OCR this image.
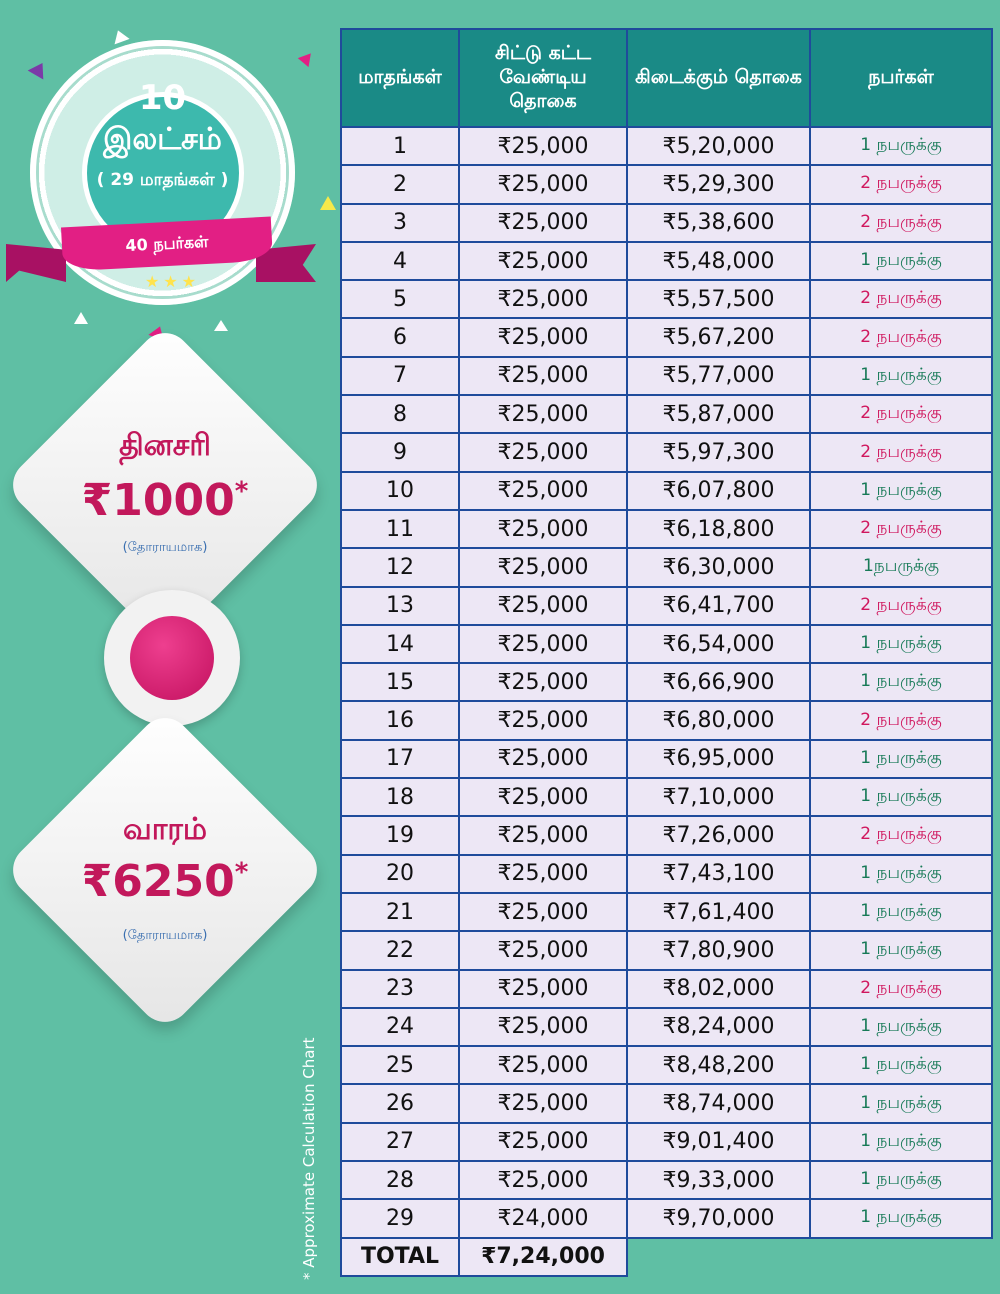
10
இலட்சம்
( 29 மாதங்கள் )
40 நபர்கள்
★★★
தினசரி
₹1000*
(தோராயமாக)
வாரம்
₹6250*
(தோராயமாக)
* Approximate Calculation Chart
மாதங்கள்	சிட்டு கட்ட வேண்டிய தொகை	கிடைக்கும் தொகை	நபர்கள்
1	₹25,000	₹5,20,000	1 நபருக்கு
2	₹25,000	₹5,29,300	2 நபருக்கு
3	₹25,000	₹5,38,600	2 நபருக்கு
4	₹25,000	₹5,48,000	1 நபருக்கு
5	₹25,000	₹5,57,500	2 நபருக்கு
6	₹25,000	₹5,67,200	2 நபருக்கு
7	₹25,000	₹5,77,000	1 நபருக்கு
8	₹25,000	₹5,87,000	2 நபருக்கு
9	₹25,000	₹5,97,300	2 நபருக்கு
10	₹25,000	₹6,07,800	1 நபருக்கு
11	₹25,000	₹6,18,800	2 நபருக்கு
12	₹25,000	₹6,30,000	1நபருக்கு
13	₹25,000	₹6,41,700	2 நபருக்கு
14	₹25,000	₹6,54,000	1 நபருக்கு
15	₹25,000	₹6,66,900	1 நபருக்கு
16	₹25,000	₹6,80,000	2 நபருக்கு
17	₹25,000	₹6,95,000	1 நபருக்கு
18	₹25,000	₹7,10,000	1 நபருக்கு
19	₹25,000	₹7,26,000	2 நபருக்கு
20	₹25,000	₹7,43,100	1 நபருக்கு
21	₹25,000	₹7,61,400	1 நபருக்கு
22	₹25,000	₹7,80,900	1 நபருக்கு
23	₹25,000	₹8,02,000	2 நபருக்கு
24	₹25,000	₹8,24,000	1 நபருக்கு
25	₹25,000	₹8,48,200	1 நபருக்கு
26	₹25,000	₹8,74,000	1 நபருக்கு
27	₹25,000	₹9,01,400	1 நபருக்கு
28	₹25,000	₹9,33,000	1 நபருக்கு
29	₹24,000	₹9,70,000	1 நபருக்கு
TOTAL	₹7,24,000		
